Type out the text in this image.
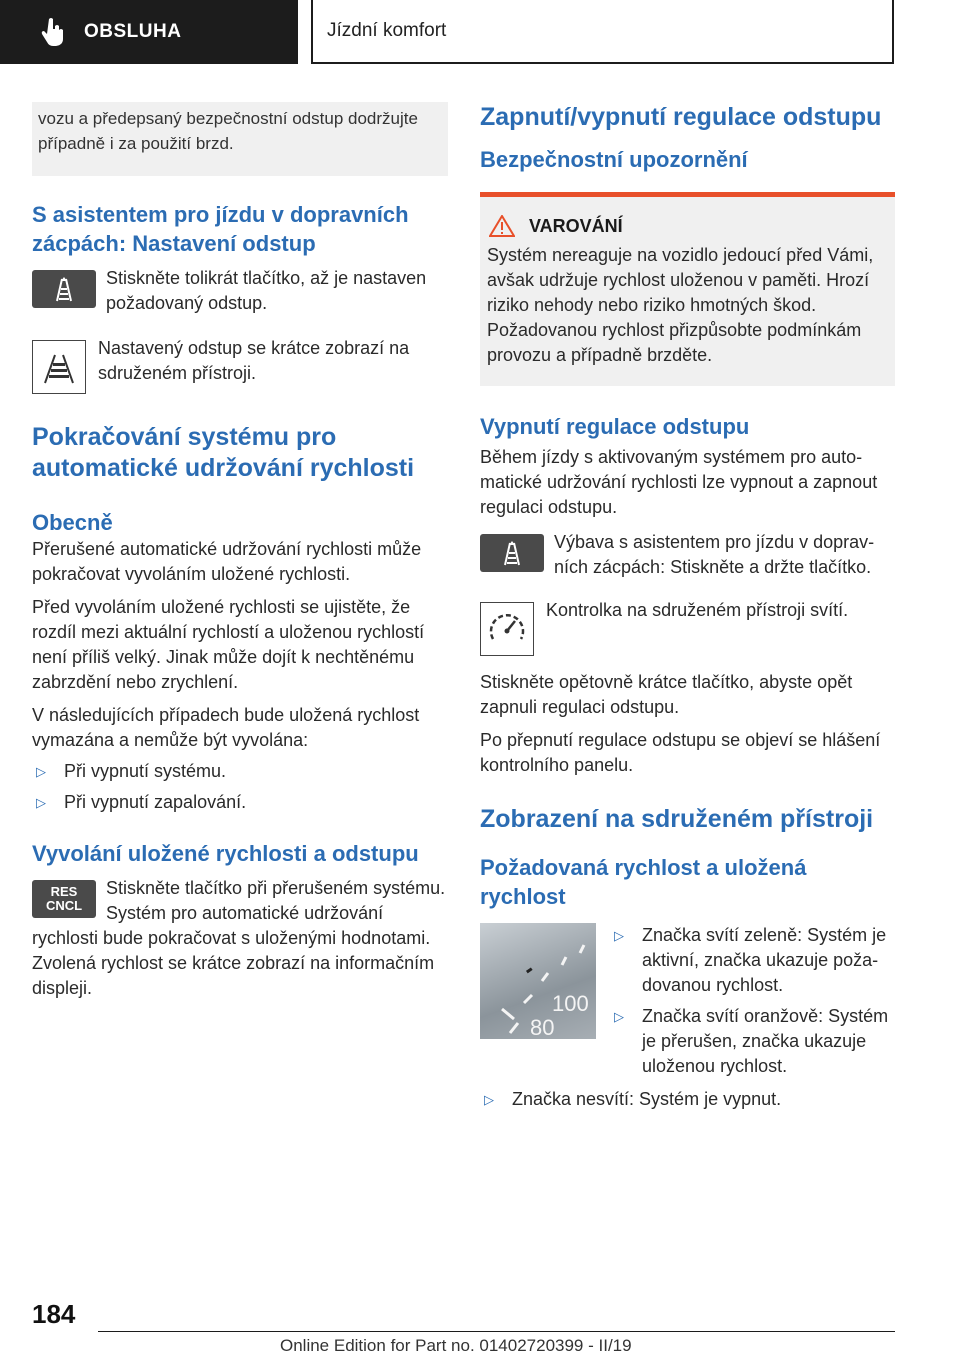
OBSLUHA	Jízdní komfort
vozu a předepsaný bezpečnostní odstup dodržujte případně i za použití brzd.
S asistentem pro jízdu v dopravních zácpách: Nastavení odstup

Stiskněte tolikrát tlačítko, až je nastaven požadovaný odstup.

Nastavený odstup se krátce zobrazí na sdruženém přístroji.

Pokračování systému pro automatické udržování rychlosti
Obecně

Přerušené automatické udržování rychlosti může pokračovat vyvoláním uložené rychlosti.

Před vyvoláním uložené rychlosti se ujistěte, že rozdíl mezi aktuální rychlostí a uloženou rychlostí není příliš velký. Jinak může dojít k nechtěnému zabrzdění nebo zrychlení.

V následujících případech bude uložená rychlost vymazána a nemůže být vyvolána:

▷	Při vypnutí systému.
▷	Při vypnutí zapalování.
Vyvolání uložené rychlosti a odstupu
RES
CNCL

Stiskněte tlačítko při přerušeném systému. Systém pro automatické udržování rychlosti bude pokračovat s uloženými hodnotami. Zvolená rychlost se krátce zobrazí na informačním displeji.

Zapnutí/vypnutí regulace odstupu
Bezpečnostní upozornění
VAROVÁNÍ

Systém nereaguje na vozidlo jedoucí před Vámi, avšak udržuje rychlost uloženou v paměti. Hrozí riziko nehody nebo riziko hmotných škod. Požadovanou rychlost přizpůsobte podmínkám provozu a případně brzděte.

Vypnutí regulace odstupu

Během jízdy s aktivovaným systémem pro automatické udržování rychlosti lze vypnout a zapnout regulaci odstupu.

Výbava s asistentem pro jízdu v dopravních zácpách: Stiskněte a držte tlačítko.

Kontrolka na sdruženém přístroji svítí.

Stiskněte opětovně krátce tlačítko, abyste opět zapnuli regulaci odstupu.

Po přepnutí regulace odstupu se objeví se hlášení kontrolního panelu.

Zobrazení na sdruženém přístroji
Požadovaná rychlost a uložená rychlost
100
80
▷	Značka svítí zeleně: Systém je aktivní, značka ukazuje požadovanou rychlost.
▷	Značka svítí oranžově: Systém je přerušen, značka ukazuje uloženou rychlost.
▷	Značka nesvítí: Systém je vypnut.
184
Online Edition for Part no. 01402720399 - II/19
